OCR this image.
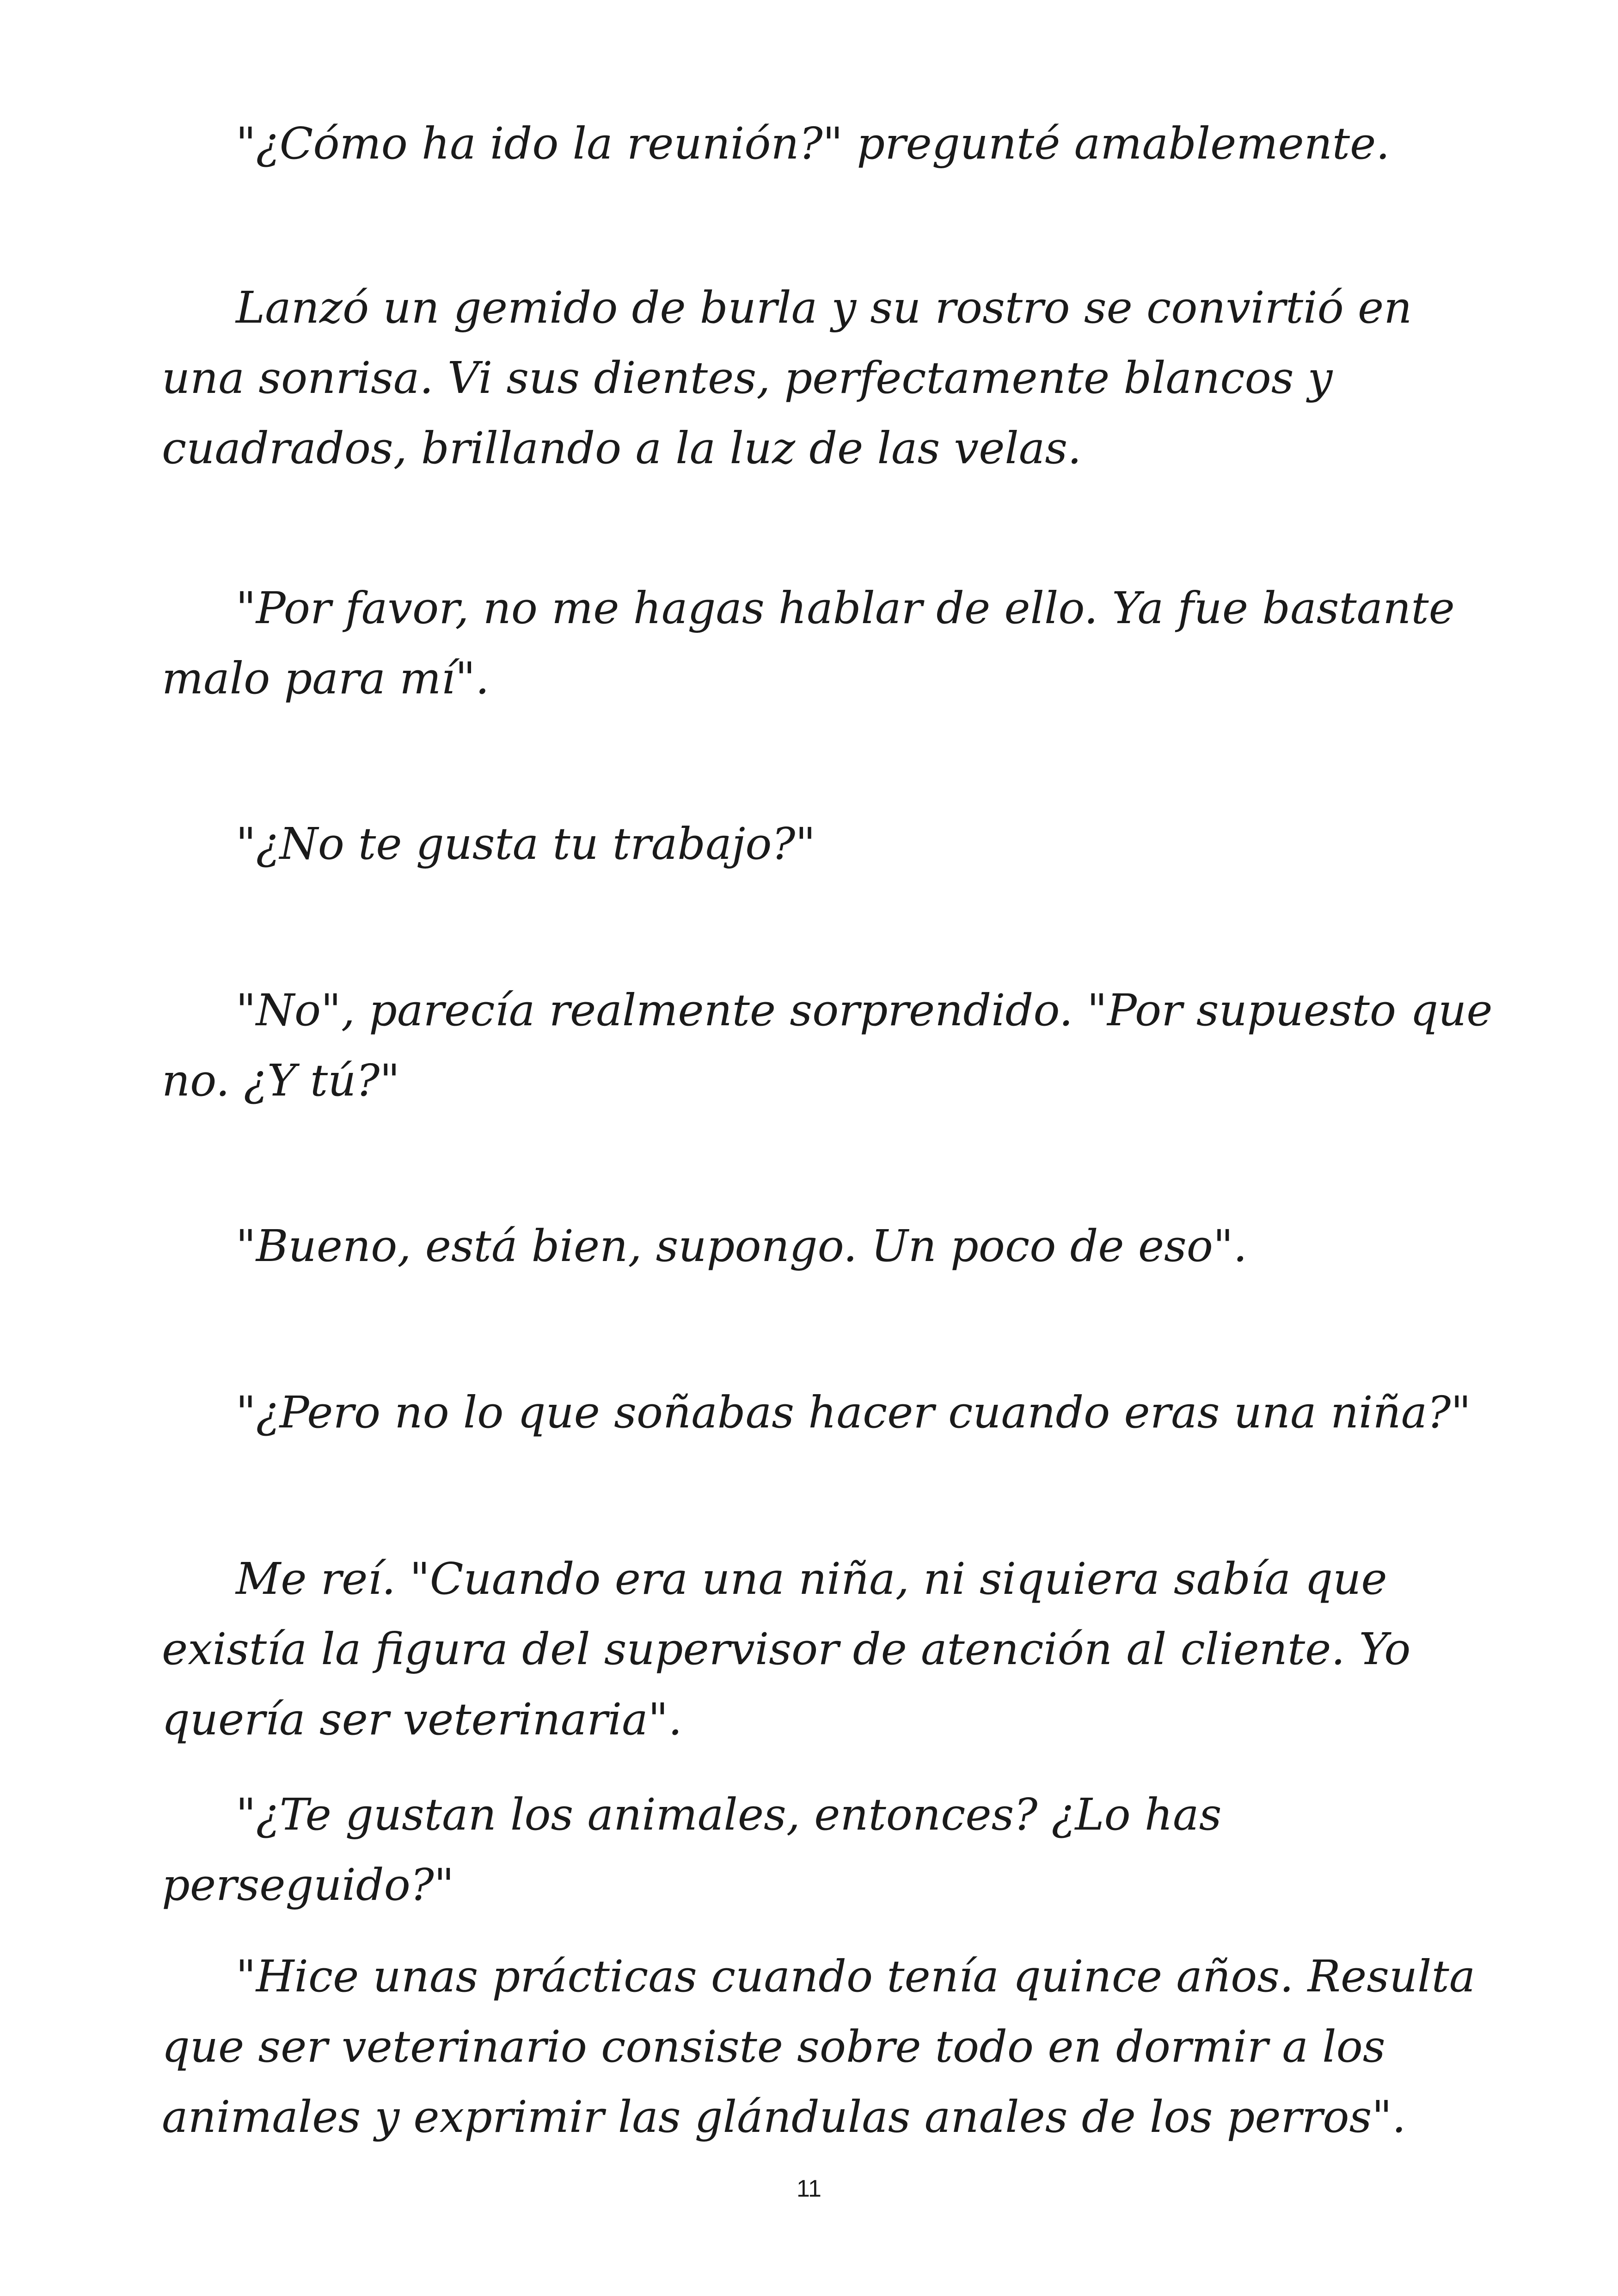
"¿Cómo ha ido la reunión?" pregunté amablemente.

Lanzó un gemido de burla y su rostro se convirtió en una sonrisa. Vi sus dientes, perfectamente blancos y cuadrados, brillando a la luz de las velas.

"Por favor, no me hagas hablar de ello. Ya fue bastante malo para mí".

"¿No te gusta tu trabajo?"

"No", parecía realmente sorprendido. "Por supuesto que no. ¿Y tú?"

"Bueno, está bien, supongo. Un poco de eso".

"¿Pero no lo que soñabas hacer cuando eras una niña?"

Me reí. "Cuando era una niña, ni siquiera sabía que existía la figura del supervisor de atención al cliente. Yo quería ser veterinaria".

"¿Te gustan los animales, entonces? ¿Lo has perseguido?"

"Hice unas prácticas cuando tenía quince años. Resulta que ser veterinario consiste sobre todo en dormir a los animales y exprimir las glándulas anales de los perros".

11
